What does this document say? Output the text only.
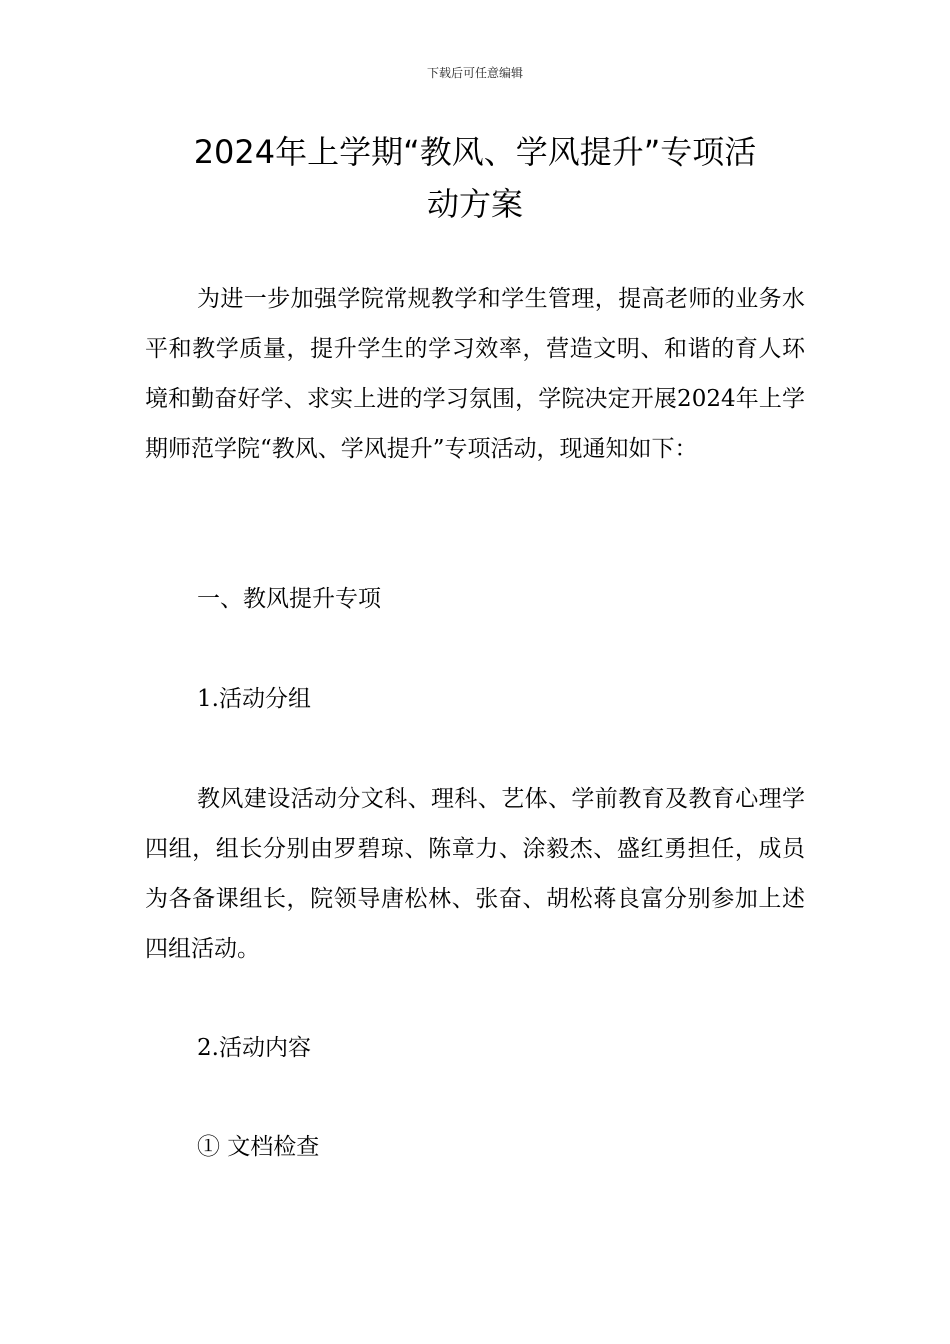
下载后可任意编辑
2024年上学期“教风、学风提升”专项活
动方案

为进一步加强学院常规教学和学生管理，提高老师的业务水平和教学质量，提升学生的学习效率，营造文明、和谐的育人环境和勤奋好学、求实上进的学习氛围，学院决定开展2024年上学期师范学院“教风、学风提升”专项活动，现通知如下：

一、教风提升专项

1.活动分组

教风建设活动分文科、理科、艺体、学前教育及教育心理学四组，组长分别由罗碧琼、陈章力、涂毅杰、盛红勇担任，成员为各备课组长，院领导唐松林、张奋、胡松蒋良富分别参加上述四组活动。

2.活动内容

① 文档检查
